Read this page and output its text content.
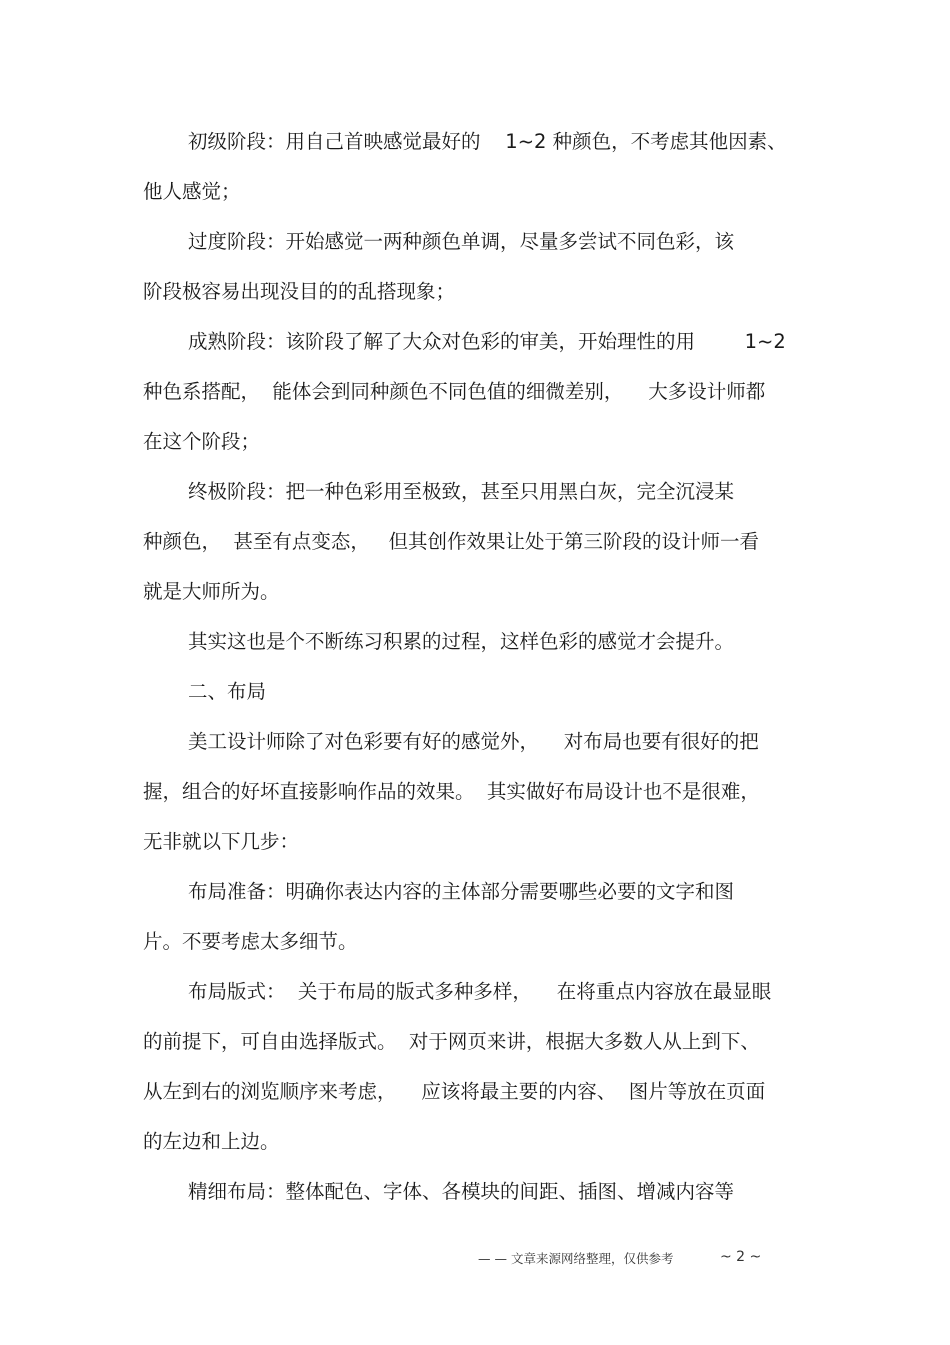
初级阶段：用自己首映感觉最好的    1~2 种颜色，不考虑其他因素、
他人感觉；
过度阶段：开始感觉一两种颜色单调，尽量多尝试不同色彩，该
阶段极容易出现没目的的乱搭现象；
成熟阶段：该阶段了解了大众对色彩的审美，开始理性的用        1~2
种色系搭配，  能体会到同种颜色不同色值的细微差别，    大多设计师都
在这个阶段；
终极阶段：把一种色彩用至极致，甚至只用黑白灰，完全沉浸某
种颜色，  甚至有点变态，   但其创作效果让处于第三阶段的设计师一看
就是大师所为。
其实这也是个不断练习积累的过程，这样色彩的感觉才会提升。
二、布局
美工设计师除了对色彩要有好的感觉外，    对布局也要有很好的把
握，组合的好坏直接影响作品的效果。  其实做好布局设计也不是很难，
无非就以下几步：
布局准备：明确你表达内容的主体部分需要哪些必要的文字和图
片。不要考虑太多细节。
布局版式：  关于布局的版式多种多样，    在将重点内容放在最显眼
的前提下，可自由选择版式。  对于网页来讲，根据大多数人从上到下、
从左到右的浏览顺序来考虑，    应该将最主要的内容、  图片等放在页面
的左边和上边。
精细布局：整体配色、字体、各模块的间距、插图、增减内容等
— — 文章来源网络整理，仅供参考	~ 2 ~
